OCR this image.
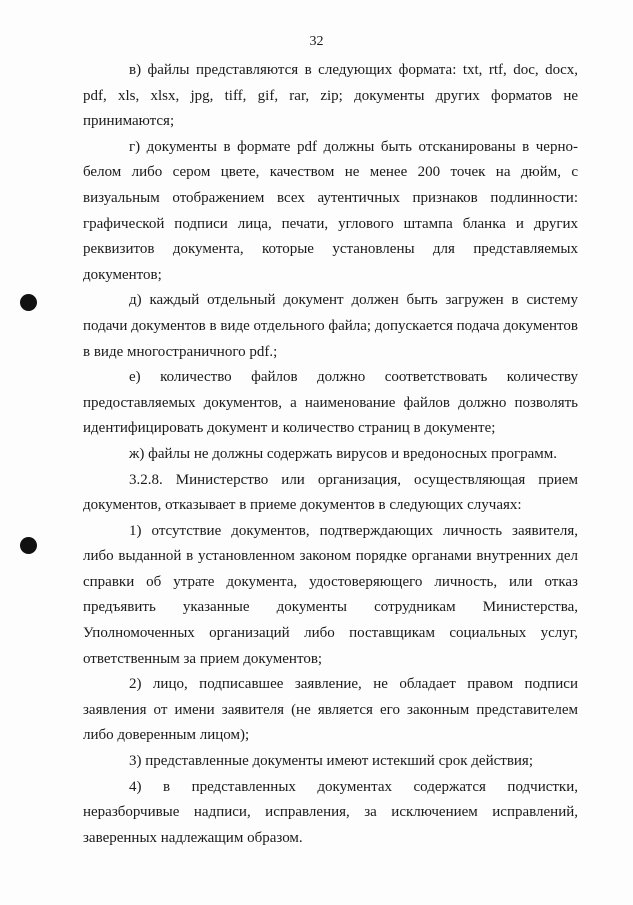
32

в) файлы представляются в следующих формата: txt, rtf, doc, docx, pdf, xls, xlsx, jpg, tiff, gif, rar, zip; документы других форматов не принимаются;

г) документы в формате pdf должны быть отсканированы в черно-белом либо сером цвете, качеством не менее 200 точек на дюйм, с визуальным отображением всех аутентичных признаков подлинности: графической подписи лица, печати, углового штампа бланка и других реквизитов документа, которые установлены для представляемых документов;

д) каждый отдельный документ должен быть загружен в систему подачи документов в виде отдельного файла; допускается подача документов в виде многостраничного pdf.;

е) количество файлов должно соответствовать количеству предоставляемых документов, а наименование файлов должно позволять идентифицировать документ и количество страниц в документе;

ж) файлы не должны содержать вирусов и вредоносных программ.

3.2.8. Министерство или организация, осуществляющая прием документов, отказывает в приеме документов в следующих случаях:

1) отсутствие документов, подтверждающих личность заявителя, либо выданной в установленном законом порядке органами внутренних дел справки об утрате документа, удостоверяющего личность, или отказ предъявить указанные документы сотрудникам Министерства, Уполномоченных организаций либо поставщикам социальных услуг, ответственным за прием документов;

2) лицо, подписавшее заявление, не обладает правом подписи заявления от имени заявителя (не является его законным представителем либо доверенным лицом);

3) представленные документы имеют истекший срок действия;

4) в представленных документах содержатся подчистки, неразборчивые надписи, исправления, за исключением исправлений, заверенных надлежащим образом.
